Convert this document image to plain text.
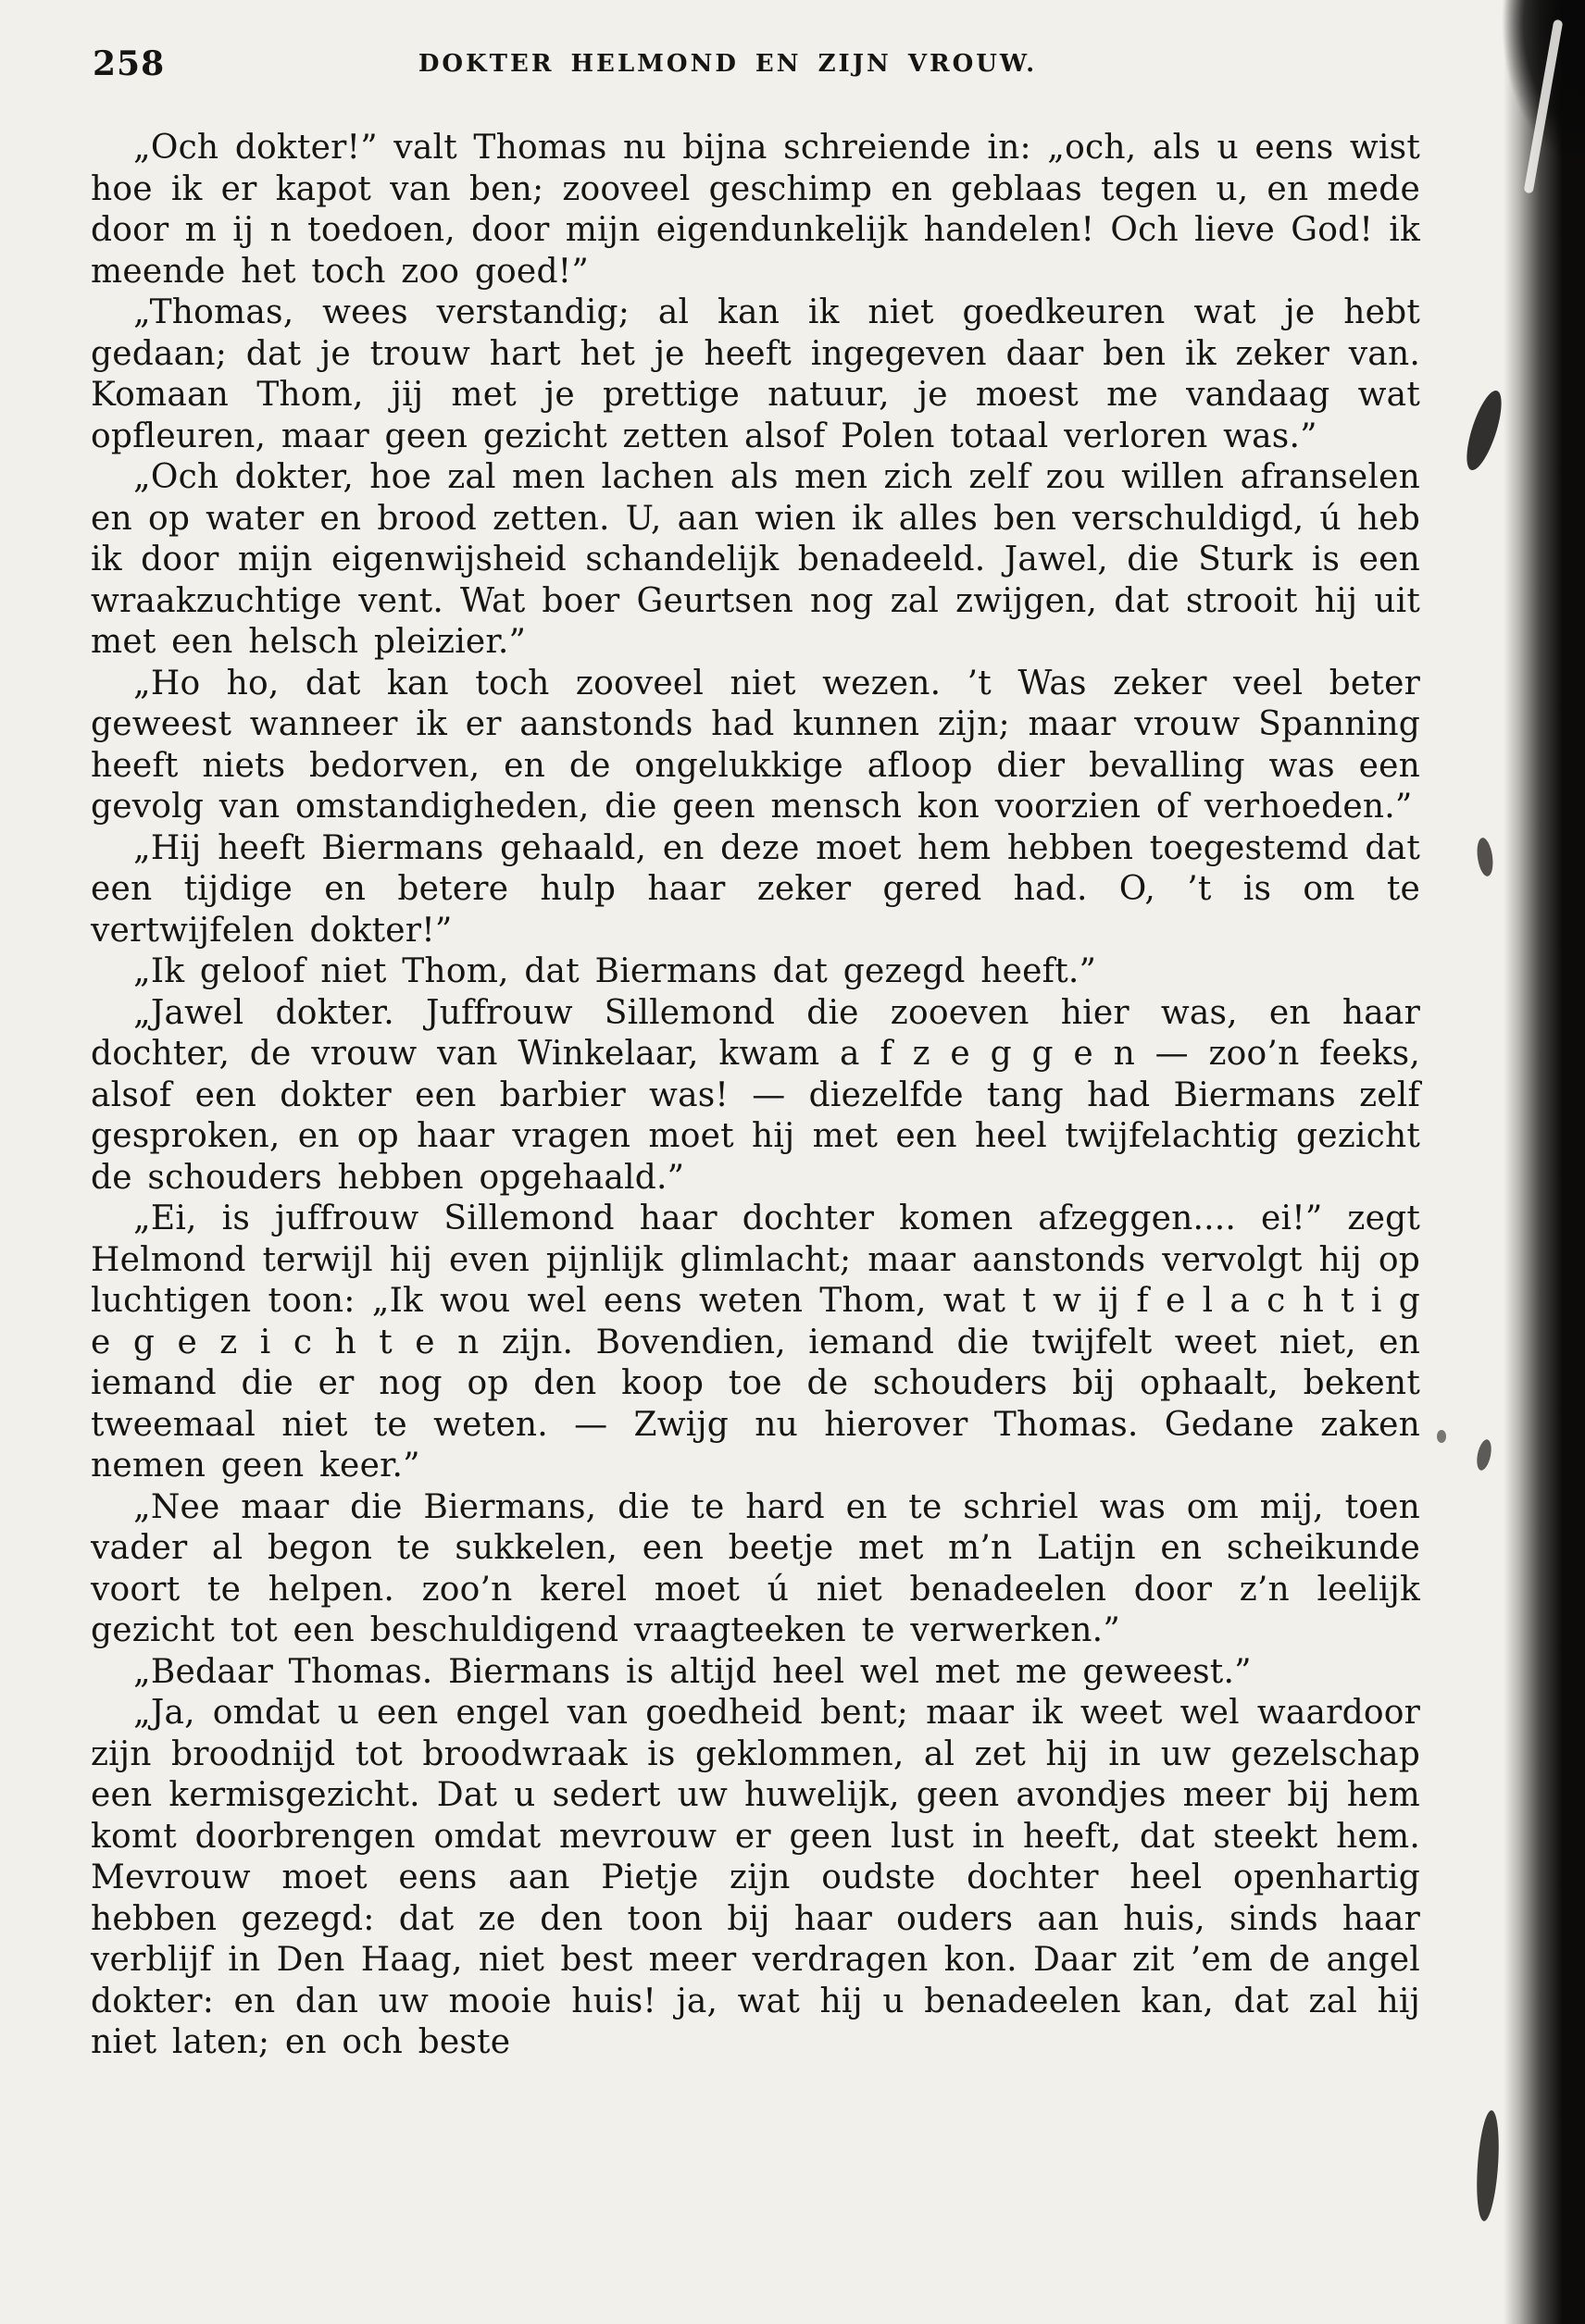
258	DOKTER HELMOND EN ZIJN VROUW.

„Och dokter!” valt Thomas nu bijna schreiende in: „och, als u eens wist hoe ik er kapot van ben; zooveel geschimp en geblaas tegen u, en mede door m ij n toedoen, door mijn eigendunkelijk handelen! Och lieve God! ik meende het toch zoo goed!”

„Thomas, wees verstandig; al kan ik niet goedkeuren wat je hebt gedaan; dat je trouw hart het je heeft ingegeven daar ben ik zeker van. Komaan Thom, jij met je prettige natuur, je moest me vandaag wat opfleuren, maar geen gezicht zetten alsof Polen totaal verloren was.”

„Och dokter, hoe zal men lachen als men zich zelf zou willen afranselen en op water en brood zetten. U, aan wien ik alles ben verschuldigd, ú heb ik door mijn eigenwijsheid schandelijk benadeeld. Jawel, die Sturk is een wraakzuchtige vent. Wat boer Geurtsen nog zal zwijgen, dat strooit hij uit met een helsch pleizier.”

„Ho ho, dat kan toch zooveel niet wezen. ’t Was zeker veel beter geweest wanneer ik er aanstonds had kunnen zijn; maar vrouw Spanning heeft niets bedorven, en de ongelukkige afloop dier bevalling was een gevolg van omstandigheden, die geen mensch kon voorzien of verhoeden.”

„Hij heeft Biermans gehaald, en deze moet hem hebben toegestemd dat een tijdige en betere hulp haar zeker gered had. O, ’t is om te vertwijfelen dokter!”

„Ik geloof niet Thom, dat Biermans dat gezegd heeft.”

„Jawel dokter. Juffrouw Sillemond die zooeven hier was, en haar dochter, de vrouw van Winkelaar, kwam a f z e g g e n — zoo’n feeks, alsof een dokter een barbier was! — diezelfde tang had Biermans zelf gesproken, en op haar vragen moet hij met een heel twijfelachtig gezicht de schouders hebben opgehaald.”

„Ei, is juffrouw Sillemond haar dochter komen afzeggen.... ei!” zegt Helmond terwijl hij even pijnlijk glimlacht; maar aanstonds vervolgt hij op luchtigen toon: „Ik wou wel eens weten Thom, wat t w ij f e l a c h t i g e g e z i c h t e n zijn. Bovendien, iemand die twijfelt weet niet, en iemand die er nog op den koop toe de schouders bij ophaalt, bekent tweemaal niet te weten. — Zwijg nu hierover Thomas. Gedane zaken nemen geen keer.”

„Nee maar die Biermans, die te hard en te schriel was om mij, toen vader al begon te sukkelen, een beetje met m’n Latijn en scheikunde voort te helpen. zoo’n kerel moet ú niet benadeelen door z’n leelijk gezicht tot een beschuldigend vraagteeken te verwerken.”

„Bedaar Thomas. Biermans is altijd heel wel met me geweest.”

„Ja, omdat u een engel van goedheid bent; maar ik weet wel waardoor zijn broodnijd tot broodwraak is geklommen, al zet hij in uw gezelschap een kermisgezicht. Dat u sedert uw huwelijk, geen avondjes meer bij hem komt doorbrengen omdat mevrouw er geen lust in heeft, dat steekt hem. Mevrouw moet eens aan Pietje zijn oudste dochter heel openhartig hebben gezegd: dat ze den toon bij haar ouders aan huis, sinds haar verblijf in Den Haag, niet best meer verdragen kon. Daar zit ’em de angel dokter: en dan uw mooie huis! ja, wat hij u benadeelen kan, dat zal hij niet laten; en och beste
